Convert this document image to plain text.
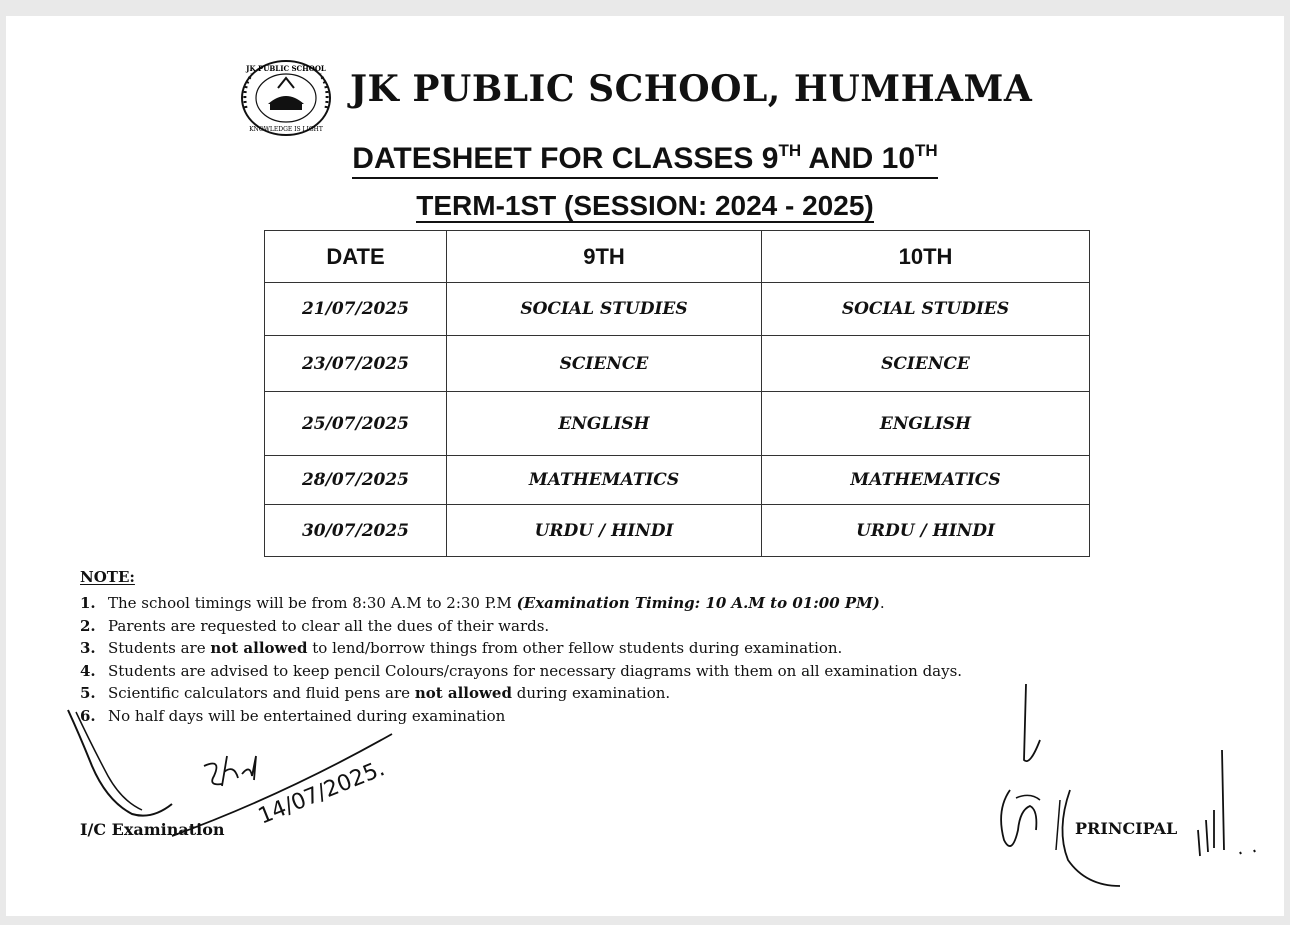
JK PUBLIC SCHOOL
KNOWLEDGE IS LIGHT
JK PUBLIC SCHOOL, HUMHAMA
DATESHEET FOR CLASSES 9TH AND 10TH
TERM-1ST (SESSION: 2024 - 2025)
DATE	9TH	10TH
21/07/2025	SOCIAL STUDIES	SOCIAL STUDIES
23/07/2025	SCIENCE	SCIENCE
25/07/2025	ENGLISH	ENGLISH
28/07/2025	MATHEMATICS	MATHEMATICS
30/07/2025	URDU / HINDI	URDU / HINDI
NOTE:
1. The school timings will be from 8:30 A.M to 2:30 P.M (Examination Timing: 10 A.M to 01:00 PM).
2. Parents are requested to clear all the dues of their wards.
3. Students are not allowed to lend/borrow things from other fellow students during examination.
4. Students are advised to keep pencil Colours/crayons for necessary diagrams with them on all examination days.
5. Scientific calculators and fluid pens are not allowed during examination.
6. No half days will be entertained during examination
14/07/2025.
I/C Examination	PRINCIPAL
